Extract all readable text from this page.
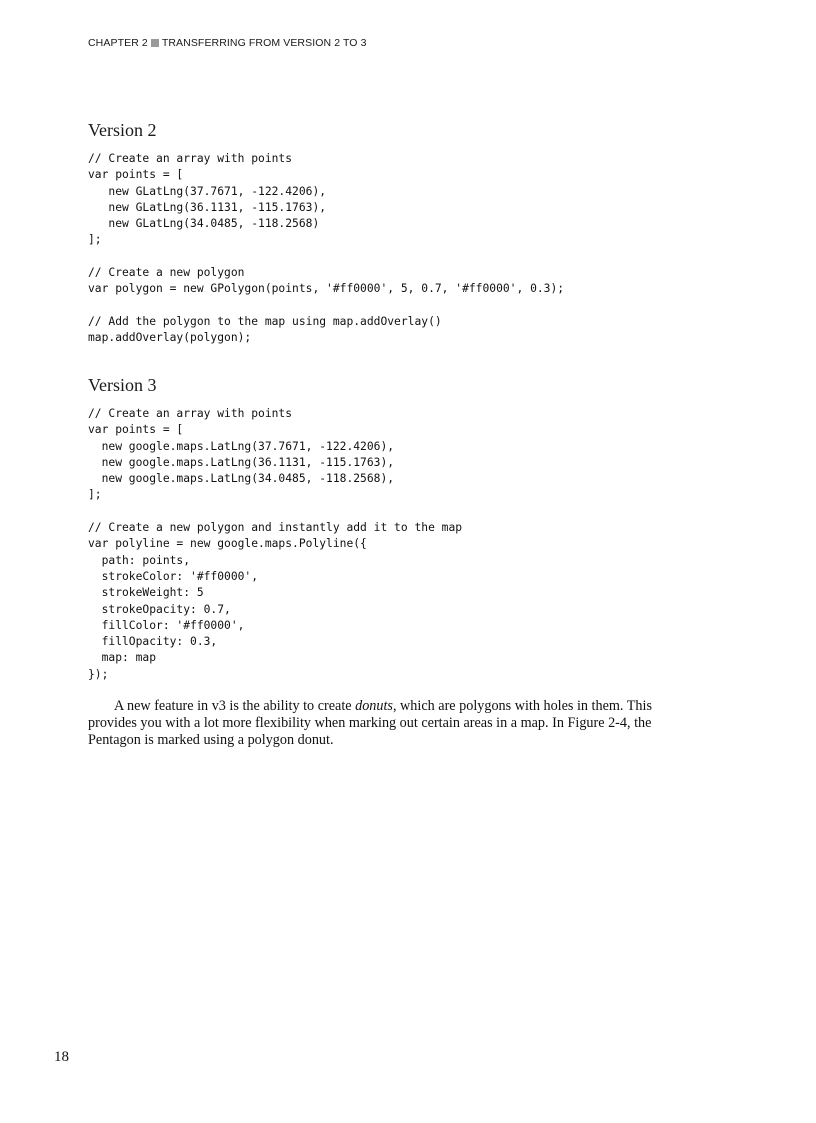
CHAPTER 2 TRANSFERRING FROM VERSION 2 TO 3
Version 2
// Create an array with points
var points = [
new GLatLng(37.7671, -122.4206),
new GLatLng(36.1131, -115.1763),
new GLatLng(34.0485, -118.2568)
];

// Create a new polygon
var polygon = new GPolygon(points, '#ff0000', 5, 0.7, '#ff0000', 0.3);

// Add the polygon to the map using map.addOverlay()
map.addOverlay(polygon);
Version 3
// Create an array with points
var points = [
new google.maps.LatLng(37.7671, -122.4206),
new google.maps.LatLng(36.1131, -115.1763),
new google.maps.LatLng(34.0485, -118.2568),
];

// Create a new polygon and instantly add it to the map
var polyline = new google.maps.Polyline({
path: points,
strokeColor: '#ff0000',
strokeWeight: 5
strokeOpacity: 0.7,
fillColor: '#ff0000',
fillOpacity: 0.3,
map: map
});

A new feature in v3 is the ability to create donuts, which are polygons with holes in them. This provides you with a lot more flexibility when marking out certain areas in a map. In Figure 2-4, the Pentagon is marked using a polygon donut.

18
